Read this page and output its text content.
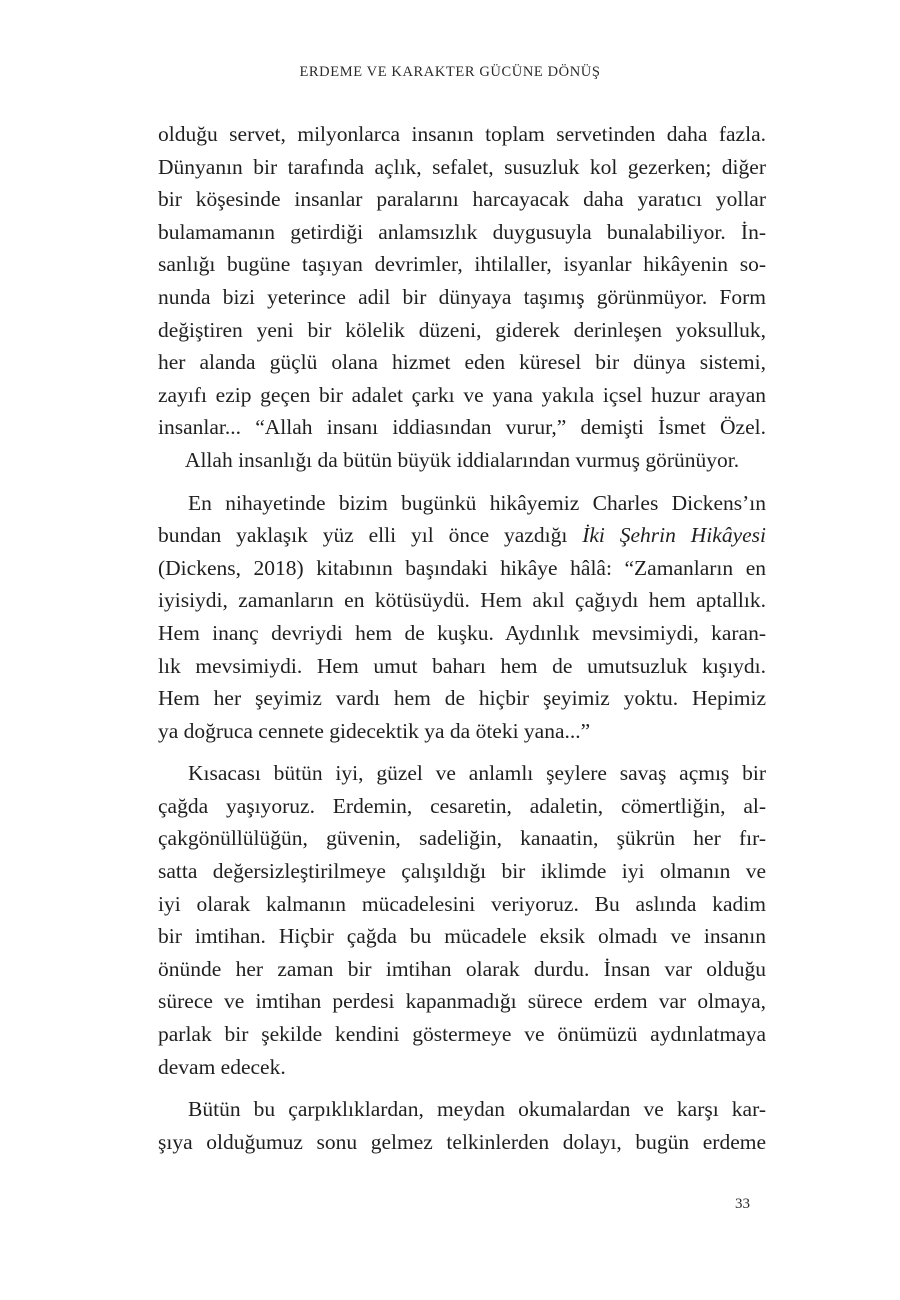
ERDEME VE KARAKTER GÜCÜNE DÖNÜŞ
olduğu servet, milyonlarca insanın toplam servetinden daha fazla.
Dünyanın bir tarafında açlık, sefalet, susuzluk kol gezerken; diğer
bir köşesinde insanlar paralarını harcayacak daha yaratıcı yollar
bulamamanın getirdiği anlamsızlık duygusuyla bunalabiliyor. İn-
sanlığı bugüne taşıyan devrimler, ihtilaller, isyanlar hikâyenin so-
nunda bizi yeterince adil bir dünyaya taşımış görünmüyor. Form
değiştiren yeni bir kölelik düzeni, giderek derinleşen yoksulluk,
her alanda güçlü olana hizmet eden küresel bir dünya sistemi,
zayıfı ezip geçen bir adalet çarkı ve yana yakıla içsel huzur arayan
insanlar... “Allah insanı iddiasından vurur,” demişti İsmet Özel.
Allah insanlığı da bütün büyük iddialarından vurmuş görünüyor.
En nihayetinde bizim bugünkü hikâyemiz Charles Dickens’ın
bundan yaklaşık yüz elli yıl önce yazdığı İki Şehrin Hikâyesi
(Dickens, 2018) kitabının başındaki hikâye hâlâ: “Zamanların en
iyisiydi, zamanların en kötüsüydü. Hem akıl çağıydı hem aptallık.
Hem inanç devriydi hem de kuşku. Aydınlık mevsimiydi, karan-
lık mevsimiydi. Hem umut baharı hem de umutsuzluk kışıydı.
Hem her şeyimiz vardı hem de hiçbir şeyimiz yoktu. Hepimiz
ya doğruca cennete gidecektik ya da öteki yana...”
Kısacası bütün iyi, güzel ve anlamlı şeylere savaş açmış bir
çağda yaşıyoruz. Erdemin, cesaretin, adaletin, cömertliğin, al-
çakgönüllülüğün, güvenin, sadeliğin, kanaatin, şükrün her fır-
satta değersizleştirilmeye çalışıldığı bir iklimde iyi olmanın ve
iyi olarak kalmanın mücadelesini veriyoruz. Bu aslında kadim
bir imtihan. Hiçbir çağda bu mücadele eksik olmadı ve insanın
önünde her zaman bir imtihan olarak durdu. İnsan var olduğu
sürece ve imtihan perdesi kapanmadığı sürece erdem var olmaya,
parlak bir şekilde kendini göstermeye ve önümüzü aydınlatmaya
devam edecek.
Bütün bu çarpıklıklardan, meydan okumalardan ve karşı kar-
şıya olduğumuz sonu gelmez telkinlerden dolayı, bugün erdeme
33
